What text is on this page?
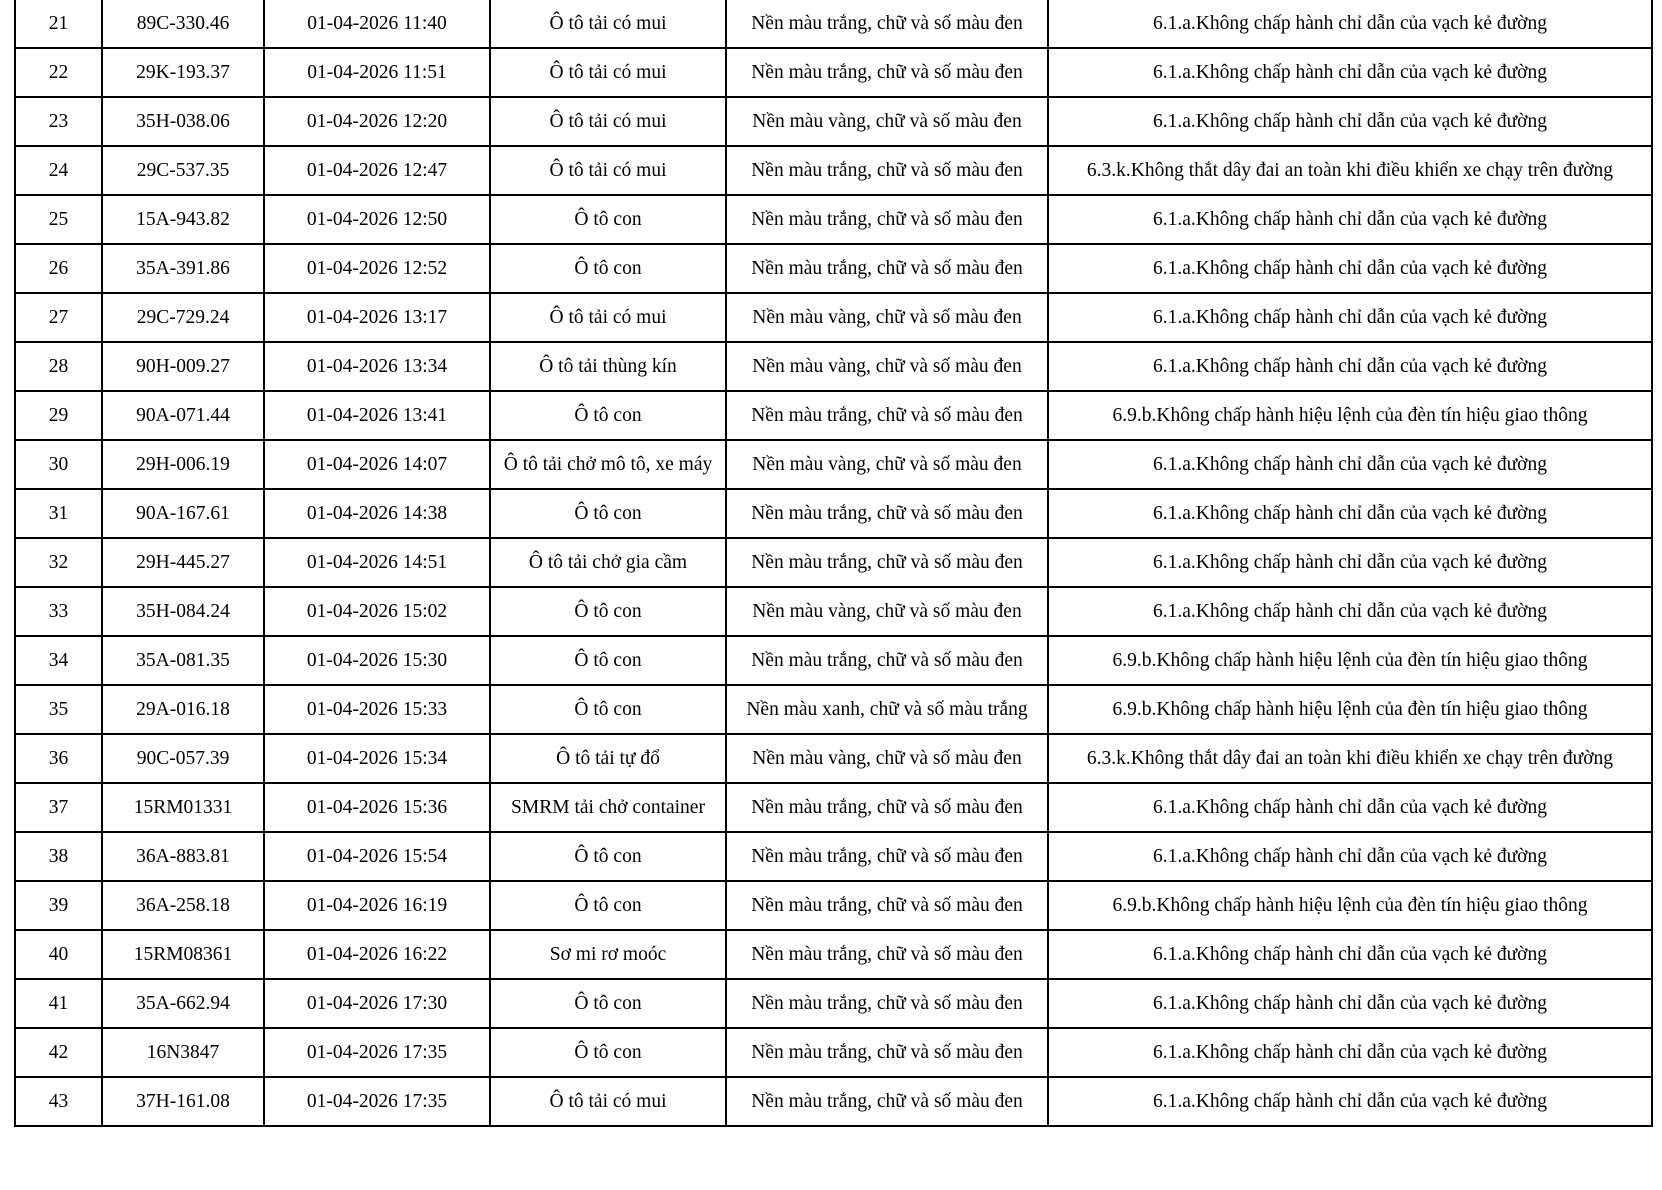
21	89C-330.46	01-04-2026 11:40	Ô tô tải có mui	Nền màu trắng, chữ và số màu đen	6.1.a.Không chấp hành chỉ dẫn của vạch kẻ đường
22	29K-193.37	01-04-2026 11:51	Ô tô tải có mui	Nền màu trắng, chữ và số màu đen	6.1.a.Không chấp hành chỉ dẫn của vạch kẻ đường
23	35H-038.06	01-04-2026 12:20	Ô tô tải có mui	Nền màu vàng, chữ và số màu đen	6.1.a.Không chấp hành chỉ dẫn của vạch kẻ đường
24	29C-537.35	01-04-2026 12:47	Ô tô tải có mui	Nền màu trắng, chữ và số màu đen	6.3.k.Không thắt dây đai an toàn khi điều khiển xe chạy trên đường
25	15A-943.82	01-04-2026 12:50	Ô tô con	Nền màu trắng, chữ và số màu đen	6.1.a.Không chấp hành chỉ dẫn của vạch kẻ đường
26	35A-391.86	01-04-2026 12:52	Ô tô con	Nền màu trắng, chữ và số màu đen	6.1.a.Không chấp hành chỉ dẫn của vạch kẻ đường
27	29C-729.24	01-04-2026 13:17	Ô tô tải có mui	Nền màu vàng, chữ và số màu đen	6.1.a.Không chấp hành chỉ dẫn của vạch kẻ đường
28	90H-009.27	01-04-2026 13:34	Ô tô tải thùng kín	Nền màu vàng, chữ và số màu đen	6.1.a.Không chấp hành chỉ dẫn của vạch kẻ đường
29	90A-071.44	01-04-2026 13:41	Ô tô con	Nền màu trắng, chữ và số màu đen	6.9.b.Không chấp hành hiệu lệnh của đèn tín hiệu giao thông
30	29H-006.19	01-04-2026 14:07	Ô tô tải chở mô tô, xe máy	Nền màu vàng, chữ và số màu đen	6.1.a.Không chấp hành chỉ dẫn của vạch kẻ đường
31	90A-167.61	01-04-2026 14:38	Ô tô con	Nền màu trắng, chữ và số màu đen	6.1.a.Không chấp hành chỉ dẫn của vạch kẻ đường
32	29H-445.27	01-04-2026 14:51	Ô tô tải chở gia cầm	Nền màu trắng, chữ và số màu đen	6.1.a.Không chấp hành chỉ dẫn của vạch kẻ đường
33	35H-084.24	01-04-2026 15:02	Ô tô con	Nền màu vàng, chữ và số màu đen	6.1.a.Không chấp hành chỉ dẫn của vạch kẻ đường
34	35A-081.35	01-04-2026 15:30	Ô tô con	Nền màu trắng, chữ và số màu đen	6.9.b.Không chấp hành hiệu lệnh của đèn tín hiệu giao thông
35	29A-016.18	01-04-2026 15:33	Ô tô con	Nền màu xanh, chữ và số màu trắng	6.9.b.Không chấp hành hiệu lệnh của đèn tín hiệu giao thông
36	90C-057.39	01-04-2026 15:34	Ô tô tải tự đổ	Nền màu vàng, chữ và số màu đen	6.3.k.Không thắt dây đai an toàn khi điều khiển xe chạy trên đường
37	15RM01331	01-04-2026 15:36	SMRM tải chở container	Nền màu trắng, chữ và số màu đen	6.1.a.Không chấp hành chỉ dẫn của vạch kẻ đường
38	36A-883.81	01-04-2026 15:54	Ô tô con	Nền màu trắng, chữ và số màu đen	6.1.a.Không chấp hành chỉ dẫn của vạch kẻ đường
39	36A-258.18	01-04-2026 16:19	Ô tô con	Nền màu trắng, chữ và số màu đen	6.9.b.Không chấp hành hiệu lệnh của đèn tín hiệu giao thông
40	15RM08361	01-04-2026 16:22	Sơ mi rơ moóc	Nền màu trắng, chữ và số màu đen	6.1.a.Không chấp hành chỉ dẫn của vạch kẻ đường
41	35A-662.94	01-04-2026 17:30	Ô tô con	Nền màu trắng, chữ và số màu đen	6.1.a.Không chấp hành chỉ dẫn của vạch kẻ đường
42	16N3847	01-04-2026 17:35	Ô tô con	Nền màu trắng, chữ và số màu đen	6.1.a.Không chấp hành chỉ dẫn của vạch kẻ đường
43	37H-161.08	01-04-2026 17:35	Ô tô tải có mui	Nền màu trắng, chữ và số màu đen	6.1.a.Không chấp hành chỉ dẫn của vạch kẻ đường
